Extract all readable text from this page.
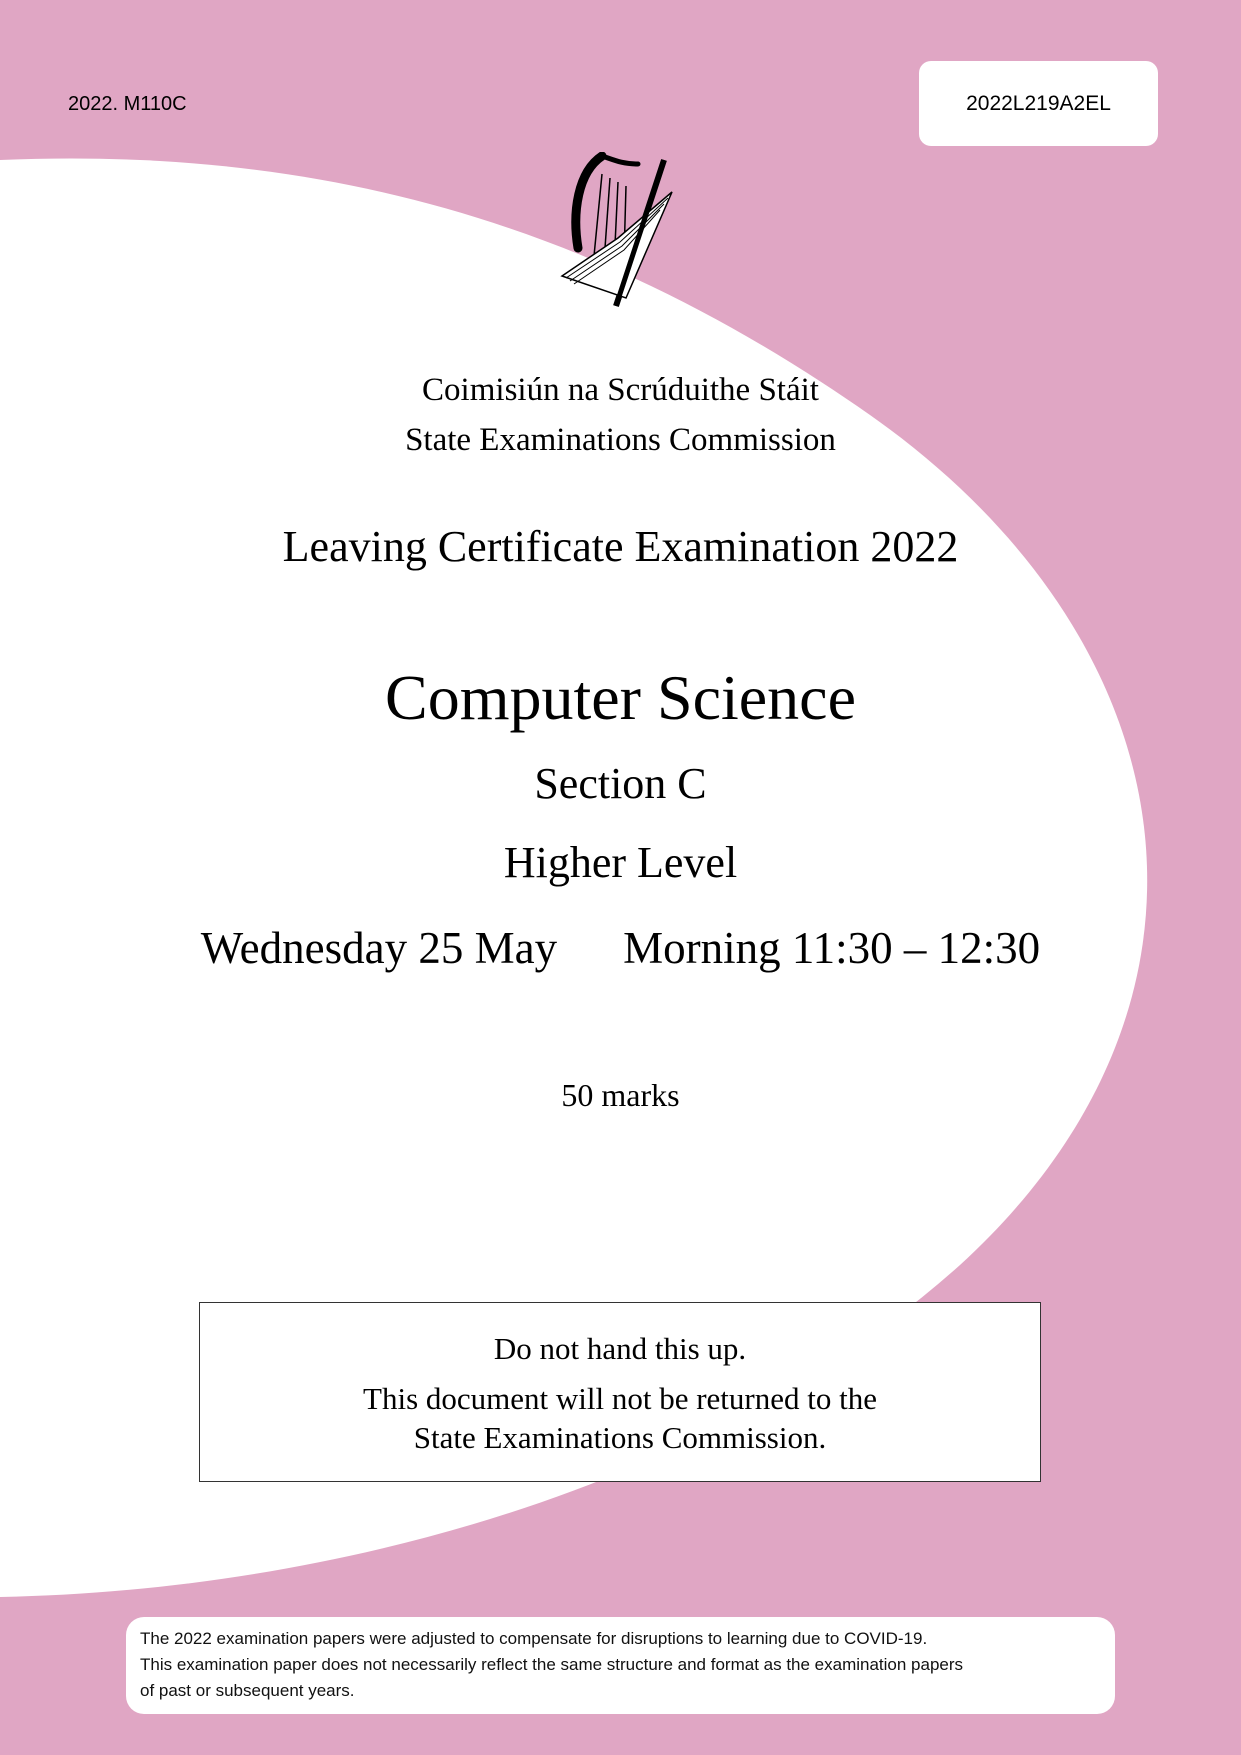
2022. M110C	2022L219A2EL
Coimisiún na Scrúduithe Stáit
State Examinations Commission
Leaving Certificate Examination 2022
Computer Science
Section C
Higher Level
Wednesday 25 May Morning 11:30 – 12:30
50 marks
Do not hand this up.
This document will not be returned to the
State Examinations Commission.
The 2022 examination papers were adjusted to compensate for disruptions to learning due to COVID-19.
This examination paper does not necessarily reflect the same structure and format as the examination papers
of past or subsequent years.
